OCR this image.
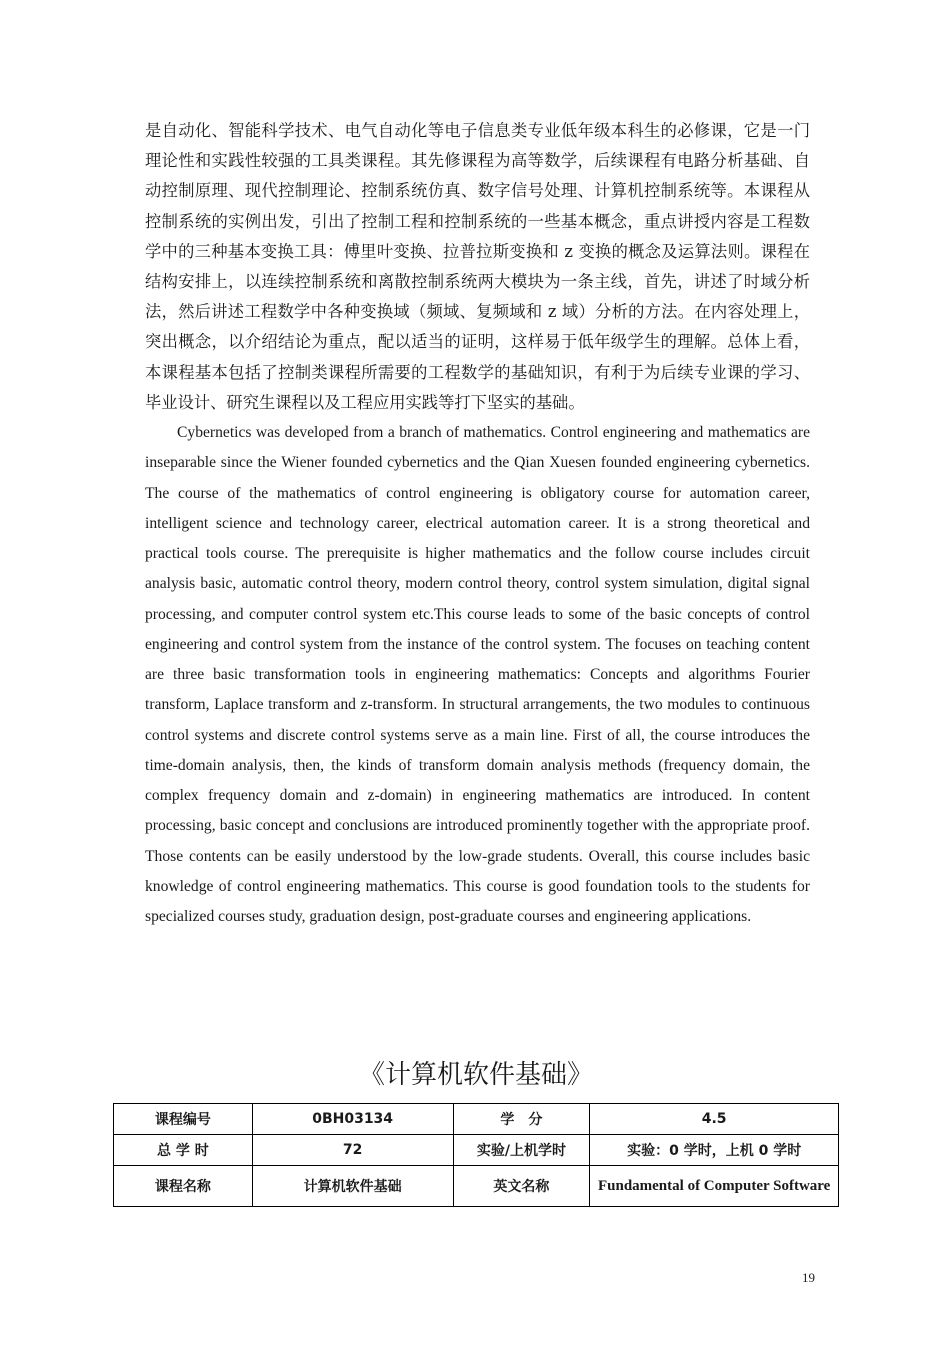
是自动化、智能科学技术、电气自动化等电子信息类专业低年级本科生的必修课，它是一门理论性和实践性较强的工具类课程。其先修课程为高等数学，后续课程有电路分析基础、自动控制原理、现代控制理论、控制系统仿真、数字信号处理、计算机控制系统等。本课程从控制系统的实例出发，引出了控制工程和控制系统的一些基本概念，重点讲授内容是工程数学中的三种基本变换工具：傅里叶变换、拉普拉斯变换和 z 变换的概念及运算法则。课程在结构安排上，以连续控制系统和离散控制系统两大模块为一条主线，首先，讲述了时域分析法，然后讲述工程数学中各种变换域（频域、复频域和 z 域）分析的方法。在内容处理上，突出概念，以介绍结论为重点，配以适当的证明，这样易于低年级学生的理解。总体上看，本课程基本包括了控制类课程所需要的工程数学的基础知识，有利于为后续专业课的学习、毕业设计、研究生课程以及工程应用实践等打下坚实的基础。

Cybernetics was developed from a branch of mathematics. Control engineering and mathematics are inseparable since the Wiener founded cybernetics and the Qian Xuesen founded engineering cybernetics. The course of the mathematics of control engineering is obligatory course for automation career, intelligent science and technology career, electrical automation career. It is a strong theoretical and practical tools course. The prerequisite is higher mathematics and the follow course includes circuit analysis basic, automatic control theory, modern control theory, control system simulation, digital signal processing, and computer control system etc.This course leads to some of the basic concepts of control engineering and control system from the instance of the control system. The focuses on teaching content are three basic transformation tools in engineering mathematics: Concepts and algorithms Fourier transform, Laplace transform and z-transform. In structural arrangements, the two modules to continuous control systems and discrete control systems serve as a main line. First of all, the course introduces the time-domain analysis, then, the kinds of transform domain analysis methods (frequency domain, the complex frequency domain and z-domain) in engineering mathematics are introduced. In content processing, basic concept and conclusions are introduced prominently together with the appropriate proof. Those contents can be easily understood by the low-grade students. Overall, this course includes basic knowledge of control engineering mathematics. This course is good foundation tools to the students for specialized courses study, graduation design, post-graduate courses and engineering applications.

《计算机软件基础》
课程编号	0BH03134	学　分	4.5
总 学 时	72	实验/上机学时	实验：0 学时，上机 0 学时
课程名称	计算机软件基础	英文名称	Fundamental of Computer Software
19
